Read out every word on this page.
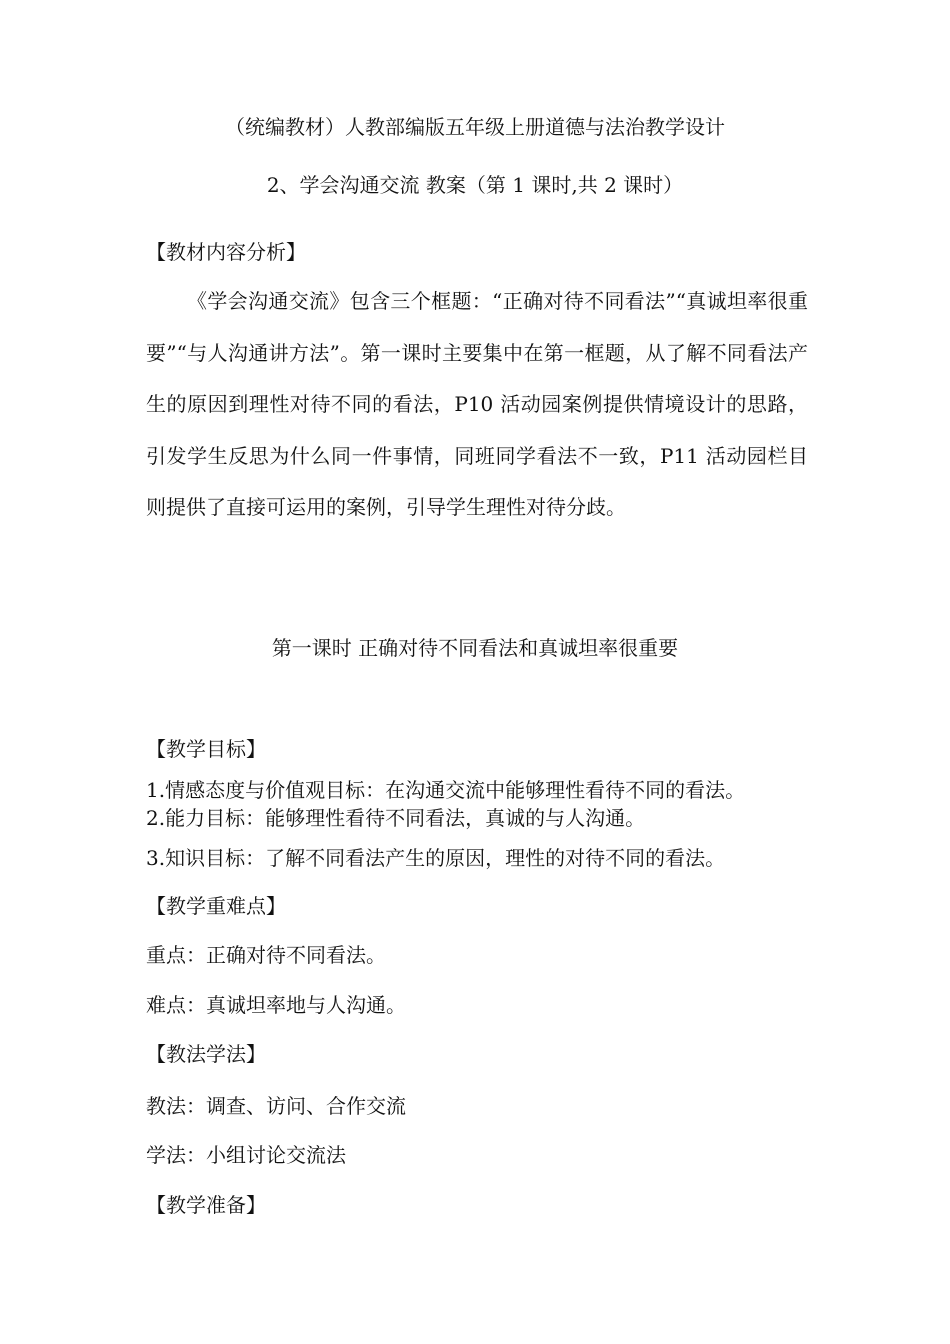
（统编教材）人教部编版五年级上册道德与法治教学设计
2、学会沟通交流 教案（第 1 课时,共 2 课时）
【教材内容分析】
《学会沟通交流》包含三个框题：“正确对待不同看法”“真诚坦率很重要”“与人沟通讲方法”。第一课时主要集中在第一框题，从了解不同看法产生的原因到理性对待不同的看法，P10 活动园案例提供情境设计的思路，引发学生反思为什么同一件事情，同班同学看法不一致，P11 活动园栏目则提供了直接可运用的案例，引导学生理性对待分歧。
第一课时 正确对待不同看法和真诚坦率很重要
【教学目标】
1.情感态度与价值观目标：在沟通交流中能够理性看待不同的看法。
2.能力目标：能够理性看待不同看法，真诚的与人沟通。
3.知识目标：了解不同看法产生的原因，理性的对待不同的看法。
【教学重难点】
重点：正确对待不同看法。
难点：真诚坦率地与人沟通。
【教法学法】
教法：调查、访问、合作交流
学法：小组讨论交流法
【教学准备】
